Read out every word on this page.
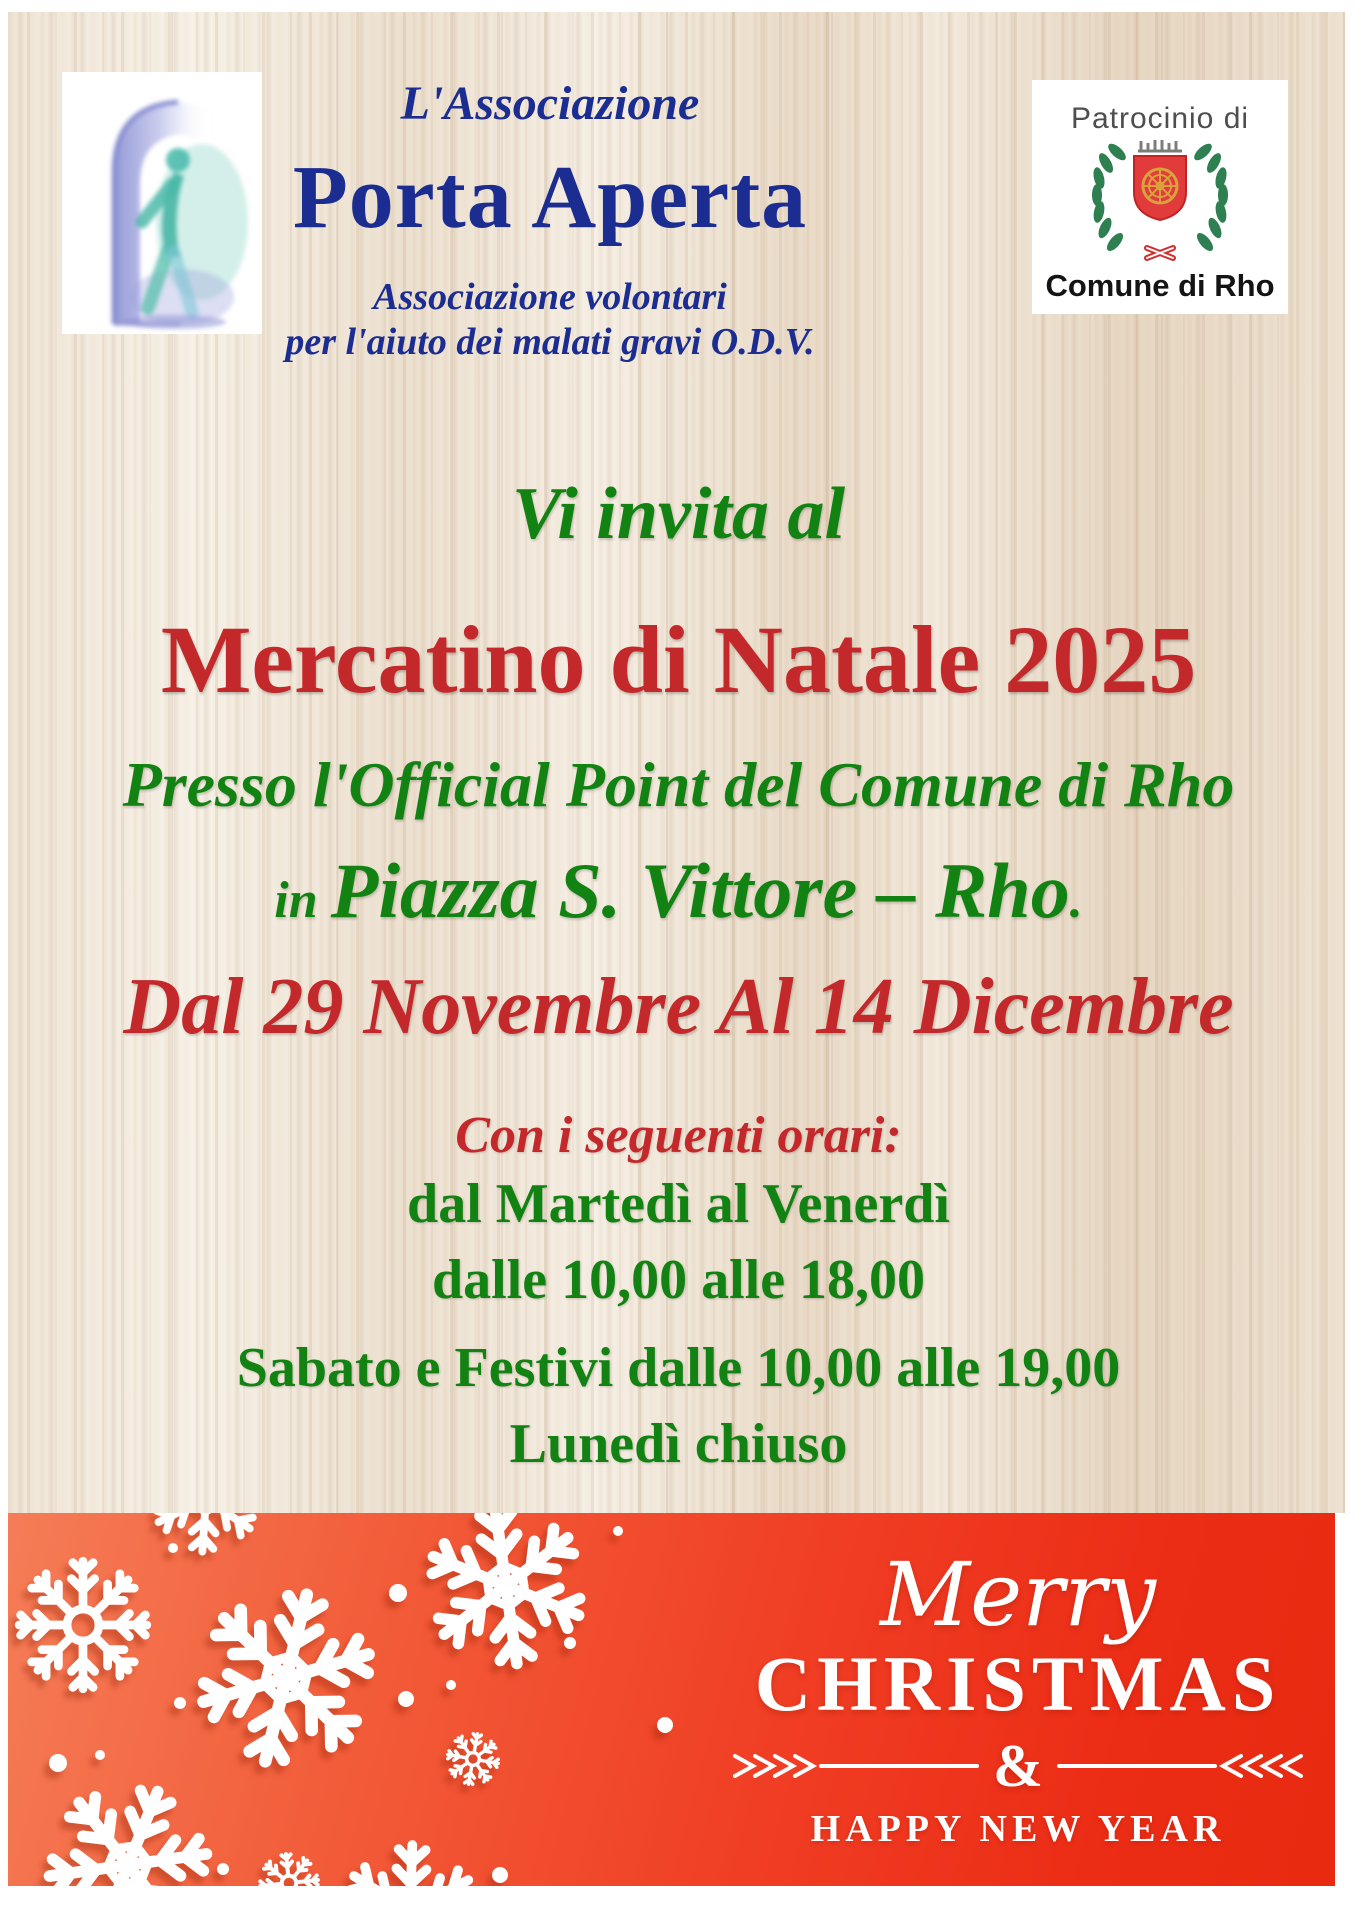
L'Associazione
Porta Aperta
Associazione volontari
per l'aiuto dei malati gravi O.D.V.
Patrocinio di
Comune di Rho
Vi invita al
Mercatino di Natale 2025
Presso l'Official Point del Comune di Rho
in Piazza S. Vittore – Rho.
Dal 29 Novembre Al 14 Dicembre
Con i seguenti orari:
dal Martedì al Venerdì
dalle 10,00 alle 18,00
Sabato e Festivi dalle 10,00 alle 19,00
Lunedì chiuso
Merry
CHRISTMAS
&
HAPPY NEW YEAR
